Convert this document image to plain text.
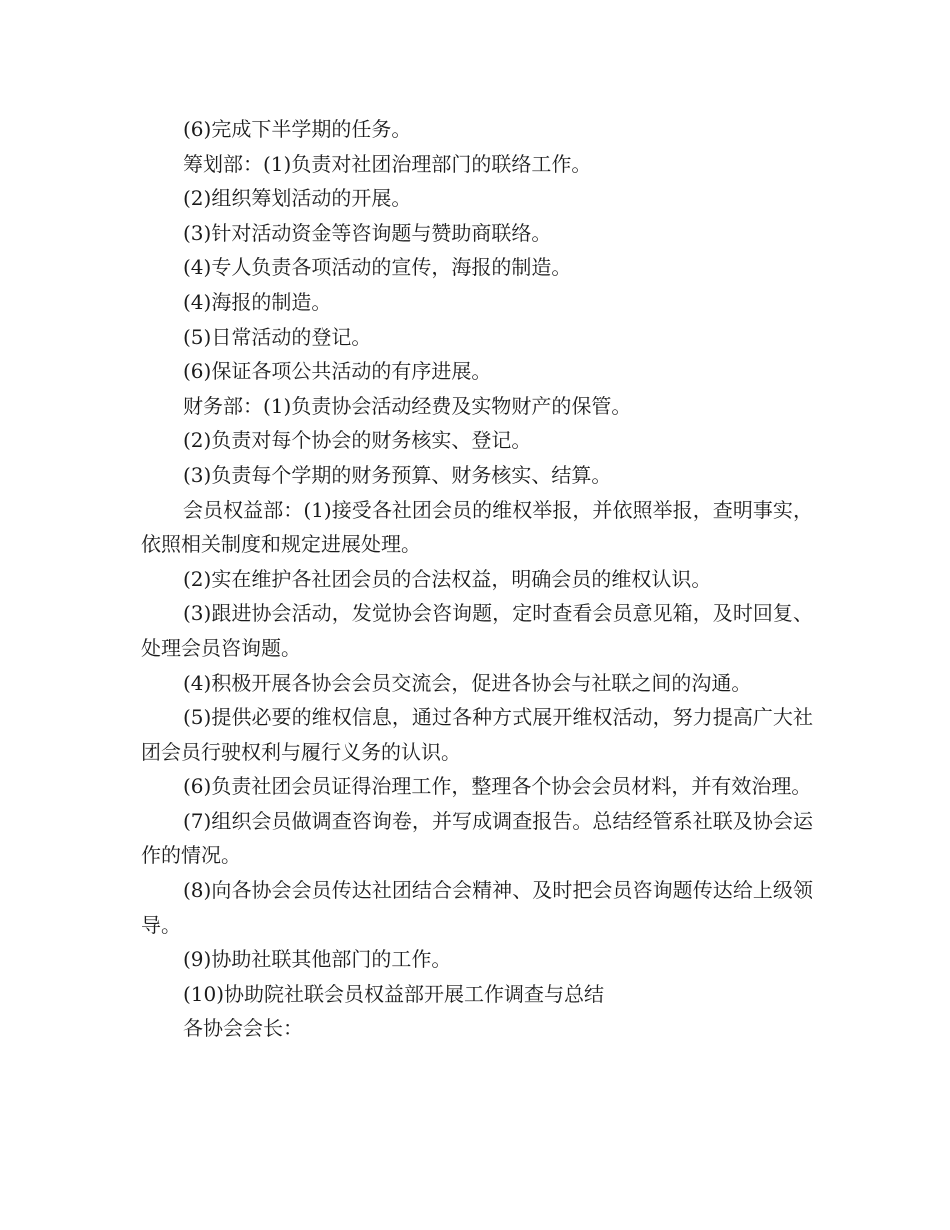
(6)完成下半学期的任务。

筹划部：(1)负责对社团治理部门的联络工作。

(2)组织筹划活动的开展。

(3)针对活动资金等咨询题与赞助商联络。

(4)专人负责各项活动的宣传，海报的制造。

(4)海报的制造。

(5)日常活动的登记。

(6)保证各项公共活动的有序进展。

财务部：(1)负责协会活动经费及实物财产的保管。

(2)负责对每个协会的财务核实、登记。

(3)负责每个学期的财务预算、财务核实、结算。

会员权益部：(1)接受各社团会员的维权举报，并依照举报，查明事实，依照相关制度和规定进展处理。

(2)实在维护各社团会员的合法权益，明确会员的维权认识。

(3)跟进协会活动，发觉协会咨询题，定时查看会员意见箱，及时回复、处理会员咨询题。

(4)积极开展各协会会员交流会，促进各协会与社联之间的沟通。

(5)提供必要的维权信息，通过各种方式展开维权活动，努力提高广大社团会员行驶权利与履行义务的认识。

(6)负责社团会员证得治理工作，整理各个协会会员材料，并有效治理。

(7)组织会员做调查咨询卷，并写成调查报告。总结经管系社联及协会运作的情况。

(8)向各协会会员传达社团结合会精神、及时把会员咨询题传达给上级领导。

(9)协助社联其他部门的工作。

(10)协助院社联会员权益部开展工作调查与总结

各协会会长：
